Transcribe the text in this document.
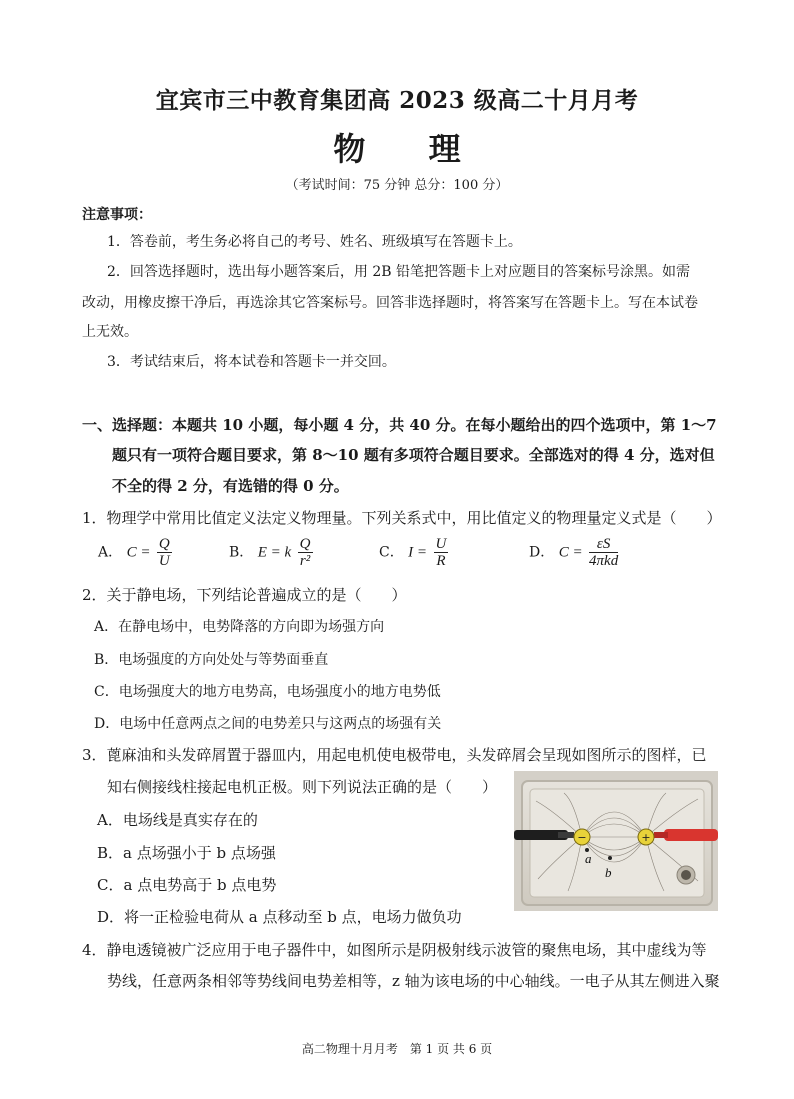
宜宾市三中教育集团高 2023 级高二十月月考
物 理
（考试时间：75 分钟 总分：100 分）
注意事项：
1．答卷前，考生务必将自己的考号、姓名、班级填写在答题卡上。
2．回答选择题时，选出每小题答案后，用 2B 铅笔把答题卡上对应题目的答案标号涂黑。如需
改动，用橡皮擦干净后，再选涂其它答案标号。回答非选择题时，将答案写在答题卡上。写在本试卷
上无效。
3．考试结束后，将本试卷和答题卡一并交回。
一、选择题：本题共 10 小题，每小题 4 分，共 40 分。在每小题给出的四个选项中，第 1～7
题只有一项符合题目要求，第 8～10 题有多项符合题目要求。全部选对的得 4 分，选对但
不全的得 2 分，有选错的得 0 分。
1．物理学中常用比值定义法定义物理量。下列关系式中，用比值定义的物理量定义式是（　　）
A． $C = \frac{Q}{U}$	B． E = k $\frac{Q}{\text{r²}}$	C． $I = \frac{U}{R}$	D． $C = \frac{\varepsilon S}{\text{4πkd}}$
2．关于静电场，下列结论普遍成立的是（　　）
A．在静电场中，电势降落的方向即为场强方向
B．电场强度的方向处处与等势面垂直
C．电场强度大的地方电势高，电场强度小的地方电势低
D．电场中任意两点之间的电势差只与这两点的场强有关
3．蓖麻油和头发碎屑置于器皿内，用起电机使电极带电，头发碎屑会呈现如图所示的图样，已
知右侧接线柱接起电机正极。则下列说法正确的是（　　）
A．电场线是真实存在的
B．a 点场强小于 b 点场强
C．a 点电势高于 b 点电势
D．将一正检验电荷从 a 点移动至 b 点，电场力做负功
−	+
a
b
4．静电透镜被广泛应用于电子器件中，如图所示是阴极射线示波管的聚焦电场，其中虚线为等
势线，任意两条相邻等势线间电势差相等，z 轴为该电场的中心轴线。一电子从其左侧进入聚
高二物理十月月考　第 1 页 共 6 页
